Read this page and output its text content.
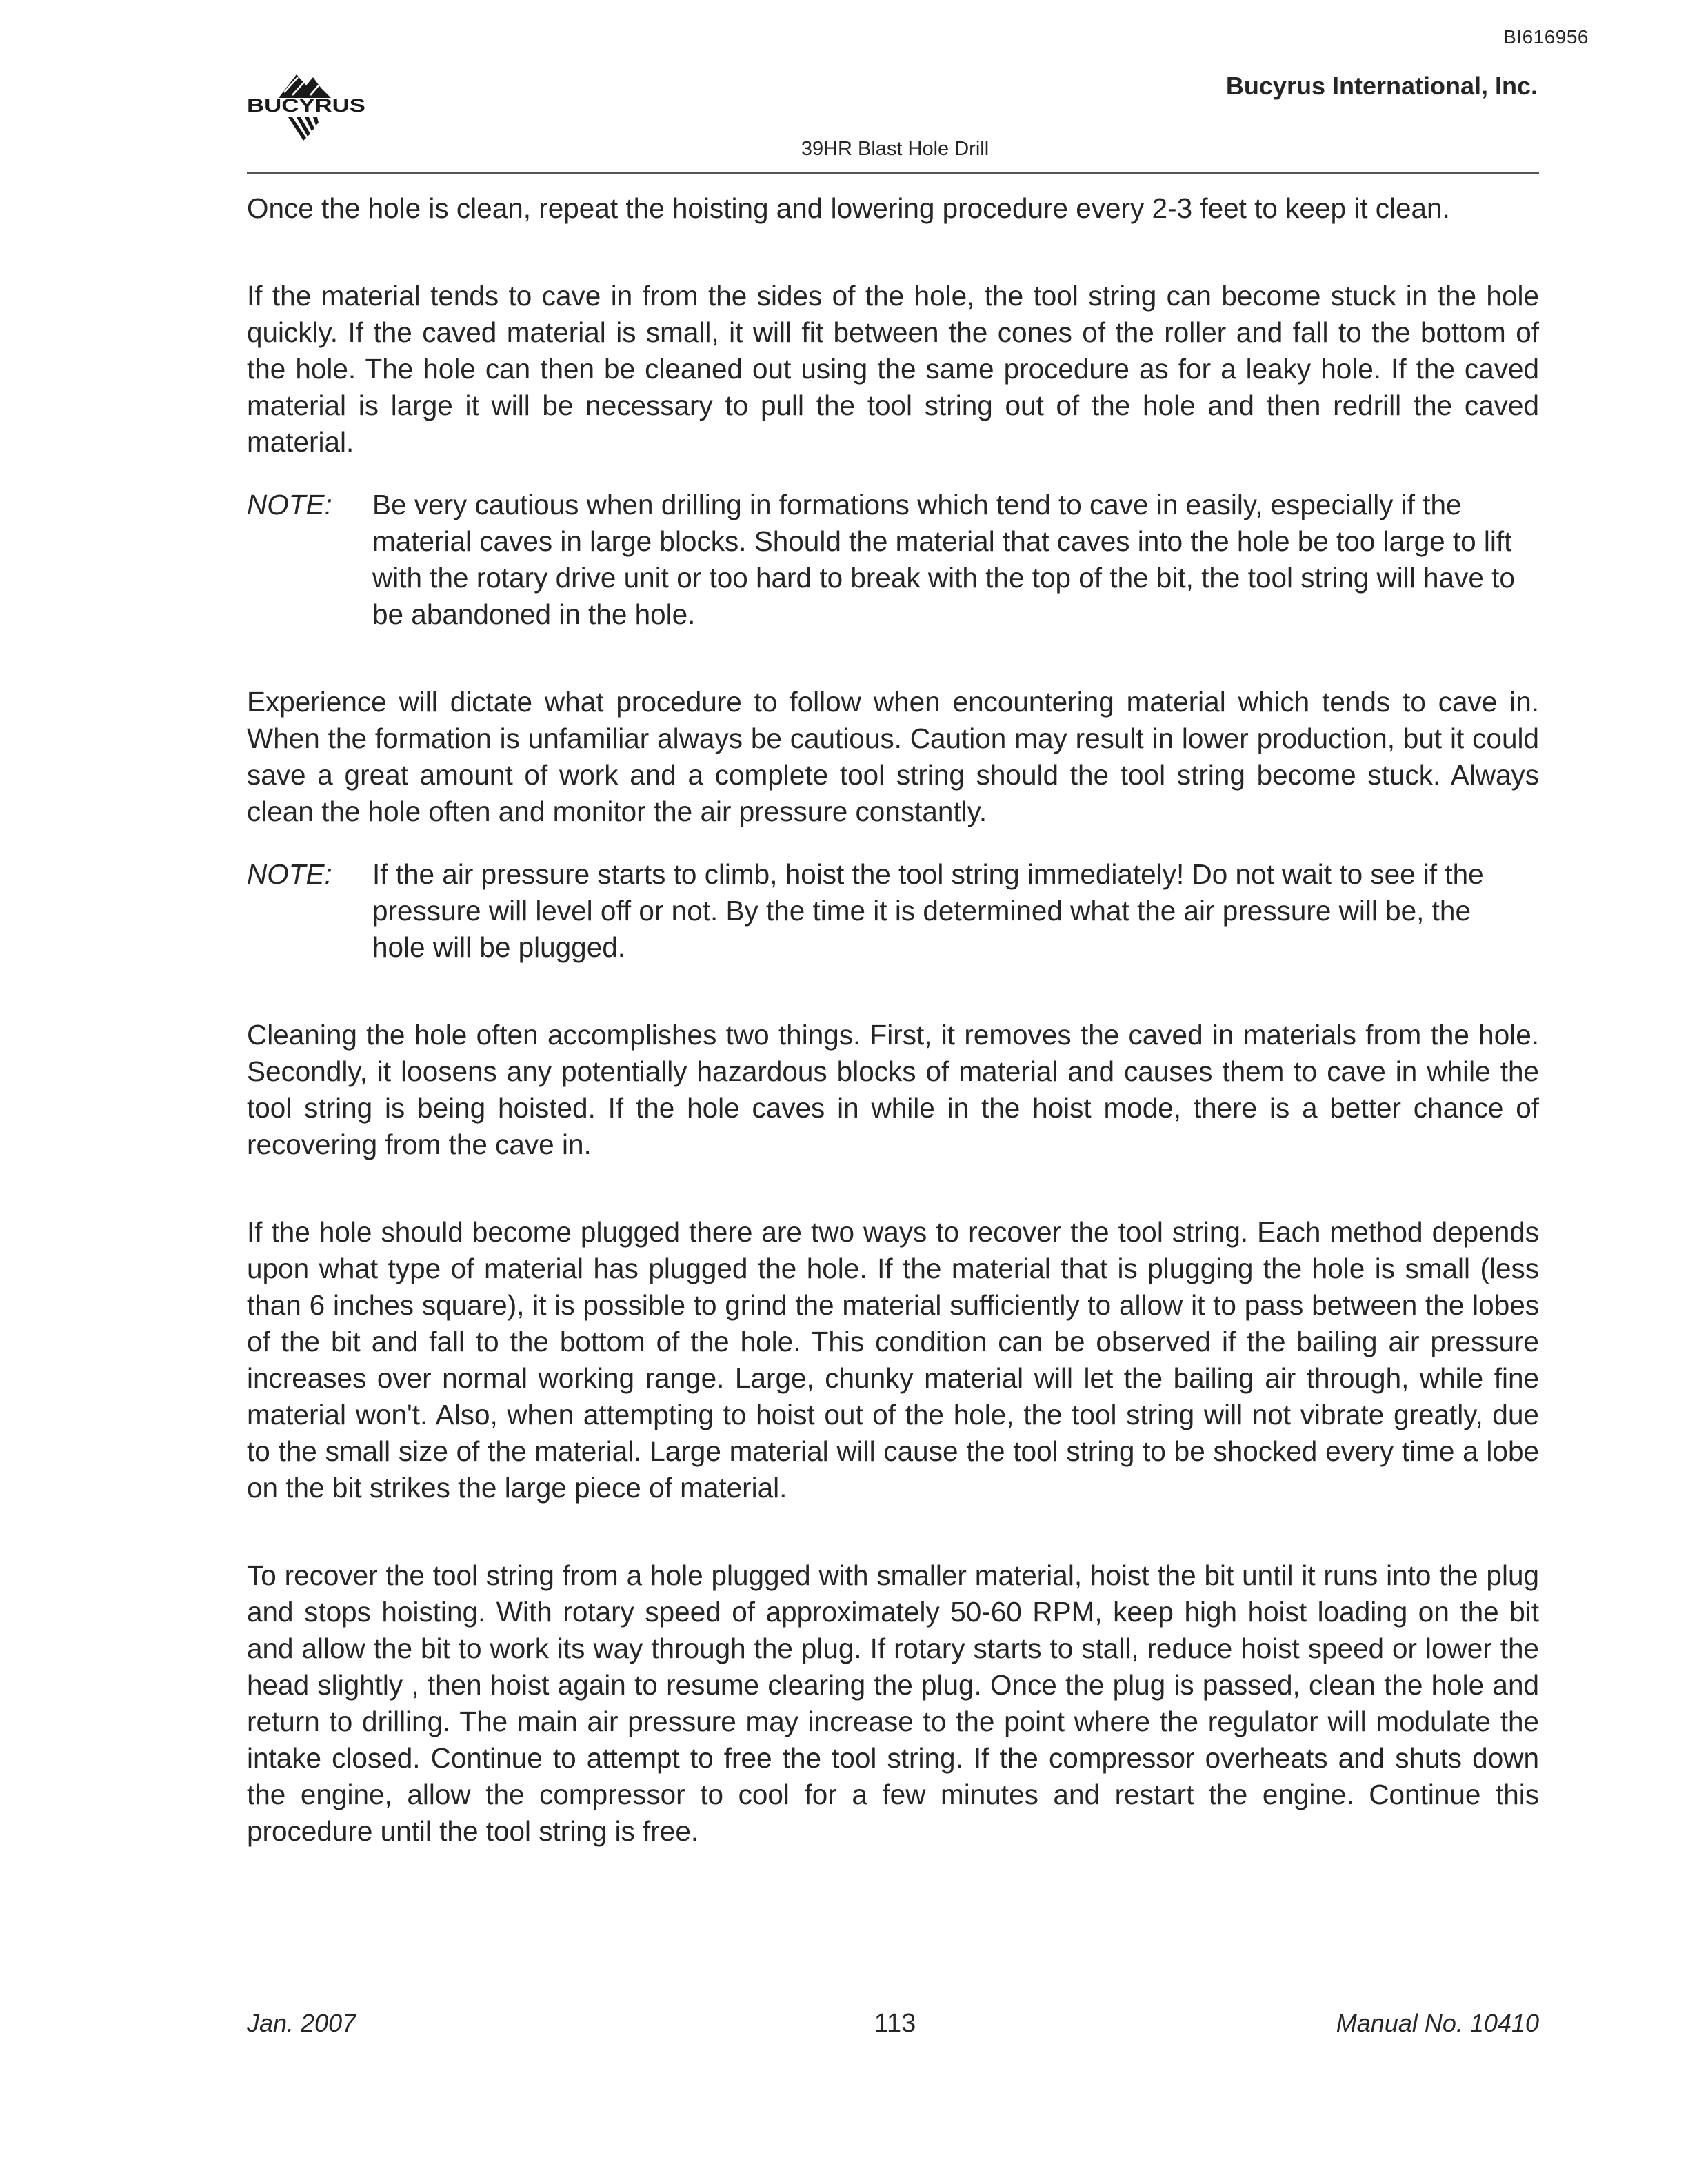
BI616956
BUCYRUS
Bucyrus International, Inc.
39HR Blast Hole Drill

Once the hole is clean, repeat the hoisting and lowering procedure every 2-3 feet to keep it clean.

If the material tends to cave in from the sides of the hole, the tool string can become stuck in the hole quickly. If the caved material is small, it will fit between the cones of the roller and fall to the bottom of the hole. The hole can then be cleaned out using the same procedure as for a leaky hole. If the caved material is large it will be necessary to pull the tool string out of the hole and then redrill the caved material.

NOTE:	Be very cautious when drilling in formations which tend to cave in easily, especially if the material caves in large blocks. Should the material that caves into the hole be too large to lift with the rotary drive unit or too hard to break with the top of the bit, the tool string will have to be abandoned in the hole.

Experience will dictate what procedure to follow when encountering material which tends to cave in. When the formation is unfamiliar always be cautious. Caution may result in lower production, but it could save a great amount of work and a complete tool string should the tool string become stuck. Always clean the hole often and monitor the air pressure constantly.

NOTE:	If the air pressure starts to climb, hoist the tool string immediately! Do not wait to see if the pressure will level off or not. By the time it is determined what the air pressure will be, the hole will be plugged.

Cleaning the hole often accomplishes two things. First, it removes the caved in materials from the hole. Secondly, it loosens any potentially hazardous blocks of material and causes them to cave in while the tool string is being hoisted. If the hole caves in while in the hoist mode, there is a better chance of recovering from the cave in.

If the hole should become plugged there are two ways to recover the tool string. Each method depends upon what type of material has plugged the hole. If the material that is plugging the hole is small (less than 6 inches square), it is possible to grind the material sufficiently to allow it to pass between the lobes of the bit and fall to the bottom of the hole. This condition can be observed if the bailing air pressure increases over normal working range. Large, chunky material will let the bailing air through, while fine material won't. Also, when attempting to hoist out of the hole, the tool string will not vibrate greatly, due to the small size of the material. Large material will cause the tool string to be shocked every time a lobe on the bit strikes the large piece of material.

To recover the tool string from a hole plugged with smaller material, hoist the bit until it runs into the plug and stops hoisting. With rotary speed of approximately 50-60 RPM, keep high hoist loading on the bit and allow the bit to work its way through the plug. If rotary starts to stall, reduce hoist speed or lower the head slightly , then hoist again to resume clearing the plug. Once the plug is passed, clean the hole and return to drilling. The main air pressure may increase to the point where the regulator will modulate the intake closed. Continue to attempt to free the tool string. If the compressor overheats and shuts down the engine, allow the compressor to cool for a few minutes and restart the engine. Continue this procedure until the tool string is free.

Jan. 2007	113	Manual No. 10410
